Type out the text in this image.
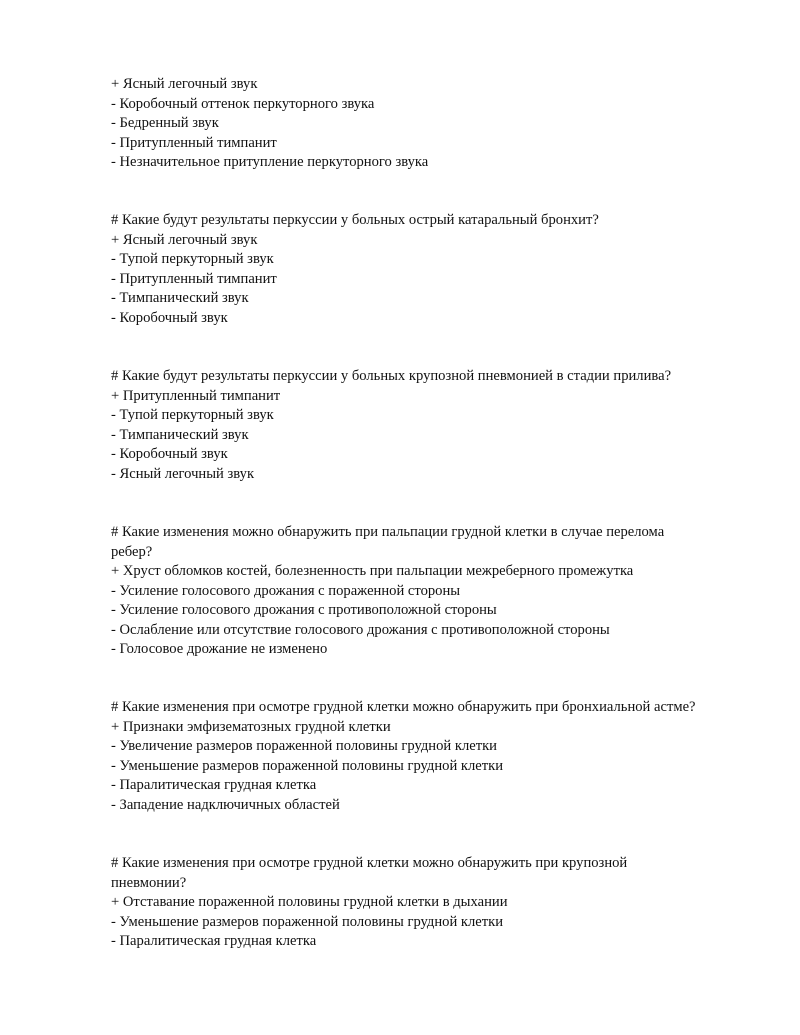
+ Ясный легочный звук
- Коробочный оттенок перкуторного звука
- Бедренный звук
- Притупленный тимпанит
- Незначительное притупление перкуторного звука
# Какие будут результаты перкуссии у больных острый катаральный бронхит?
+ Ясный легочный звук
- Тупой перкуторный звук
- Притупленный тимпанит
- Тимпанический звук
- Коробочный звук
# Какие будут результаты перкуссии у больных крупозной пневмонией в стадии прилива?
+ Притупленный тимпанит
- Тупой перкуторный звук
- Тимпанический звук
- Коробочный звук
- Ясный легочный звук
# Какие изменения можно обнаружить при пальпации грудной клетки в случае перелома
ребер?
+ Хруст обломков костей, болезненность при пальпации межреберного промежутка
- Усиление голосового дрожания с пораженной стороны
- Усиление голосового дрожания с противоположной стороны
- Ослабление или отсутствие голосового дрожания с противоположной стороны
- Голосовое дрожание не изменено
# Какие изменения при осмотре грудной клетки можно обнаружить при бронхиальной астме?
+ Признаки эмфизематозных грудной клетки
- Увеличение размеров пораженной половины грудной клетки
- Уменьшение размеров пораженной половины грудной клетки
- Паралитическая грудная клетка
- Западение надключичных областей
# Какие изменения при осмотре грудной клетки можно обнаружить при крупозной
пневмонии?
+ Отставание пораженной половины грудной клетки в дыхании
- Уменьшение размеров пораженной половины грудной клетки
- Паралитическая грудная клетка
